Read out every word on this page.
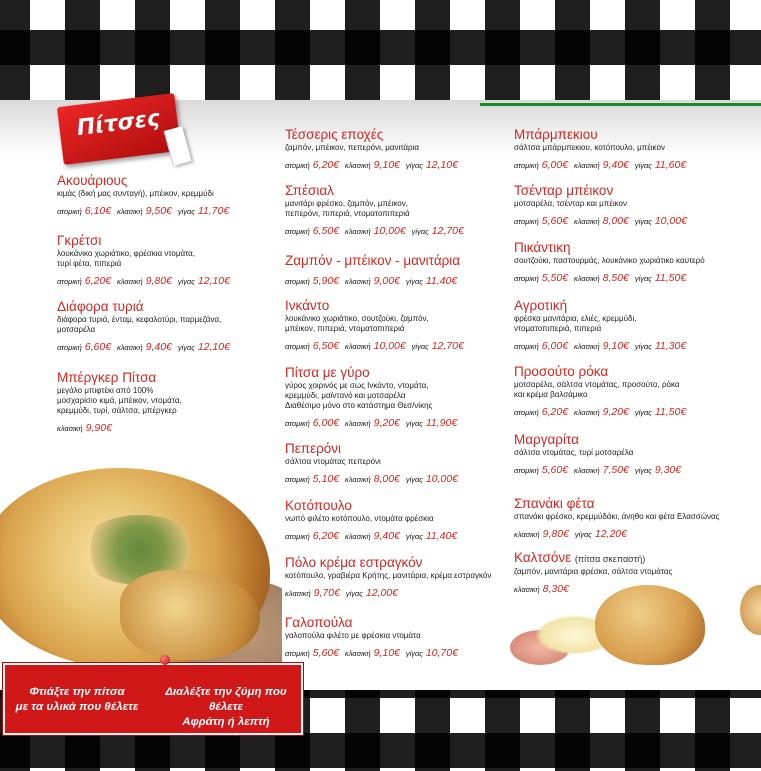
Πίτσες
Ακουάριους
κιμάς (δική μας συνταγή), μπέικον, κρεμμύδι
ατομική 6,10€ κλασική 9,50€ γίγας 11,70€
Γκρέτσι
λουκάνικο χωριάτικο, φρέσκια ντομάτα,
τυρί φέτα, πιπεριά
ατομική 6,20€ κλασική 9,80€ γίγας 12,10€
Διάφορα τυριά
διάφορα τυριά, ένταμ, κεφαλοτύρι, παρμεζάνα,
μοτσαρέλα
ατομική 6,60€ κλασική 9,40€ γίγας 12,10€
Μπέργκερ Πίτσα
μεγάλο μπιφτέκι από 100%
μοσχαρίσιο κιμά, μπέικον, ντομάτα,
κρεμμύδι, τυρί, σάλτσα, μπέργκερ
κλασική 9,90€
Τέσσερις εποχές
ζαμπόν, μπέικον, πεπερόνι, μανιτάρια
ατομική 6,20€ κλασική 9,10€ γίγας 12,10€
Σπέσιαλ
μανιτάρι φρέσκο, ζαμπόν, μπέικον,
πεπερόνι, πιπεριά, ντοματοπιπεριά
ατομική 6,50€ κλασική 10,00€ γίγας 12,70€
Ζαμπόν - μπέικον - μανιτάρια
ατομική 5,90€ κλασική 9,00€ γίγας 11,40€
Ινκάντο
λουκάνικο χωριάτικο, σουτζούκι, ζαμπόν,
μπέικον, πιπεριά, ντοματοπιπεριά
ατομική 6,50€ κλασική 10,00€ γίγας 12,70€
Πίτσα με γύρο
γύρος χοιρινός με σως Ινκάντο, ντομάτα,
κρεμμύδι, μαϊντανό και μοτσαρέλα
Διαθέσιμο μόνο στο κατάστημα Θεσ/νίκης
ατομική 6,00€ κλασική 9,20€ γίγας 11,90€
Πεπερόνι
σάλτσα ντομάτας πεπερόνι
ατομική 5,10€ κλασική 8,00€ γίγας 10,00€
Κοτόπουλο
νωπό φιλέτο κοτόπουλο, ντομάτα φρέσκια
ατομική 6,20€ κλασική 9,40€ γίγας 11,40€
Πόλο κρέμα εστραγκόν
κοτόπουλο, γραβιέρα Κρήτης, μανιτάρια, κρέμα εστραγκόν
κλασική 9,70€ γίγας 12,00€
Γαλοπούλα
γαλοπούλα φιλέτο με φρέσκια ντομάτα
ατομική 5,60€ κλασική 9,10€ γίγας 10,70€
Μπάρμπεκιου
σάλτσα μπάρμπεκιου, κοτόπουλο, μπέικον
ατομική 6,00€ κλασική 9,40€ γίγας 11,60€
Τσένταρ μπέικον
μοτσαρέλα, τσένταρ και μπέικον
ατομική 5,60€ κλασική 8,00€ γίγας 10,00€
Πικάντικη
σουτζούκι, παστουρμάς, λουκάνικο χωριάτικο καυτερό
ατομική 5,50€ κλασική 8,50€ γίγας 11,50€
Αγροτική
φρέσκα μανιτάρια, ελιές, κρεμμύδι,
ντοματοπιπεριά, πιπεριά
ατομική 6,00€ κλασική 9,10€ γίγας 11,30€
Προσούτο ρόκα
μοτσαρέλα, σάλτσα ντομάτας, προσούτο, ρόκα
και κρέμα βαλσάμικο
ατομική 6,20€ κλασική 9,20€ γίγας 11,50€
Μαργαρίτα
σάλτσα ντομάτας, τυρί μοτσαρέλα
ατομική 5,60€ κλασική 7,50€ γίγας 9,30€
Σπανάκι φέτα
σπανάκι φρέσκο, κρεμμύδάκι, άνηθο και φέτα Ελασσώνας
κλασική 9,80€ γίγας 12,20€
Καλτσόνε (πίτσα σκεπαστή)
ζαμπόν, μανιτάρια φρέσκα, σάλτσα ντομάτας
κλασική 8,30€
Φτιάξτε την πίτσα
με τα υλικά που θέλετε
Διαλέξτε την ζύμη που θέλετε
Αφράτη ή λεπτή
